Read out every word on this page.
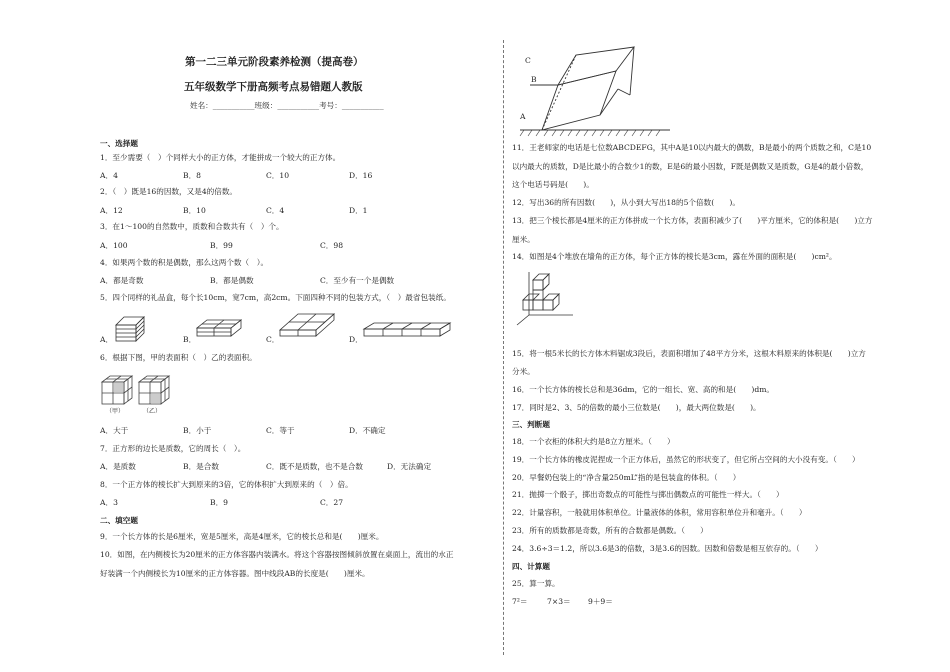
第一二三单元阶段素养检测（提高卷）
五年级数学下册高频考点易错题人教版
姓名：___________班级：___________考号：___________
一、选择题
1．至少需要（　）个同样大小的正方体，才能拼成一个较大的正方体。
A．4	B．8	C．10	D．16
2．（　）既是16的因数，又是4的倍数。
A．12	B．10	C．4	D．1
3．在1～100的自然数中，质数和合数共有（　）个。
A．100	B．99	C．98
4．如果两个数的积是偶数，那么这两个数（　）。
A．都是奇数	B．都是偶数	C．至少有一个是偶数
5．四个同样的礼品盒，每个长10cm，宽7cm，高2cm。下面四种不同的包装方式，（　）最省包装纸。
A．	B．	C．	D．
6．根据下图，甲的表面积（　）乙的表面积。
（甲）	（乙）
A．大于	B．小于	C．等于	D．不确定
7．正方形的边长是质数，它的周长（　）。
A．是质数	B．是合数	C．既不是质数，也不是合数	D．无法确定
8．一个正方体的棱长扩大到原来的3倍，它的体积扩大到原来的（　）倍。
A．3	B．9	C．27
二、填空题
9．一个长方体的长是6厘米，宽是5厘米，高是4厘米，它的棱长总和是(　　)厘米。
10．如图，在内侧棱长为20厘米的正方体容器内装满水。将这个容器按图倾斜放置在桌面上，流出的水正
好装满一个内侧棱长为10厘米的正方体容器。图中线段AB的长度是(　　)厘米。
C
B
A
11．王老师家的电话是七位数ABCDEFG，其中A是10以内最大的偶数，B是最小的两个质数之和，C是10
以内最大的质数，D是比最小的合数少1的数，E是6的最小因数，F既是偶数又是质数，G是4的最小倍数，
这个电话号码是(　　)。
12．写出36的所有因数(　　)，从小到大写出18的5个倍数(　　)。
13．把三个棱长都是4厘米的正方体拼成一个长方体，表面积减少了(　　)平方厘米，它的体积是(　　)立方
厘米。
14．如图是4个堆放在墙角的正方体，每个正方体的棱长是3cm，露在外面的面积是(　　)cm²。
15．将一根5米长的长方体木料锯成3段后，表面积增加了48平方分米，这根木料原来的体积是(　　)立方
分米。
16．一个长方体的棱长总和是36dm，它的一组长、宽、高的和是(　　)dm。
17．同时是2、3、5的倍数的最小三位数是(　　)，最大两位数是(　　)。
三、判断题
18．一个衣柜的体积大约是8立方厘米。（　　）
19．一个长方体的橡皮泥捏成一个正方体后，虽然它的形状变了，但它所占空间的大小没有变。（　　）
20．早餐奶包装上的“净含量250mL”指的是包装盒的体积。（　　）
21．抛掷一个骰子，掷出奇数点的可能性与掷出偶数点的可能性一样大。（　　）
22．计量容积，一般就用体积单位。计量液体的体积，常用容积单位升和毫升。（　　）
23．所有的质数都是奇数，所有的合数都是偶数。（　　）
24．3.6÷3＝1.2，所以3.6是3的倍数，3是3.6的因数。因数和倍数是相互依存的。（　　）
四、计算题
25．算一算。
7²＝	7×3＝ 9＋9＝
